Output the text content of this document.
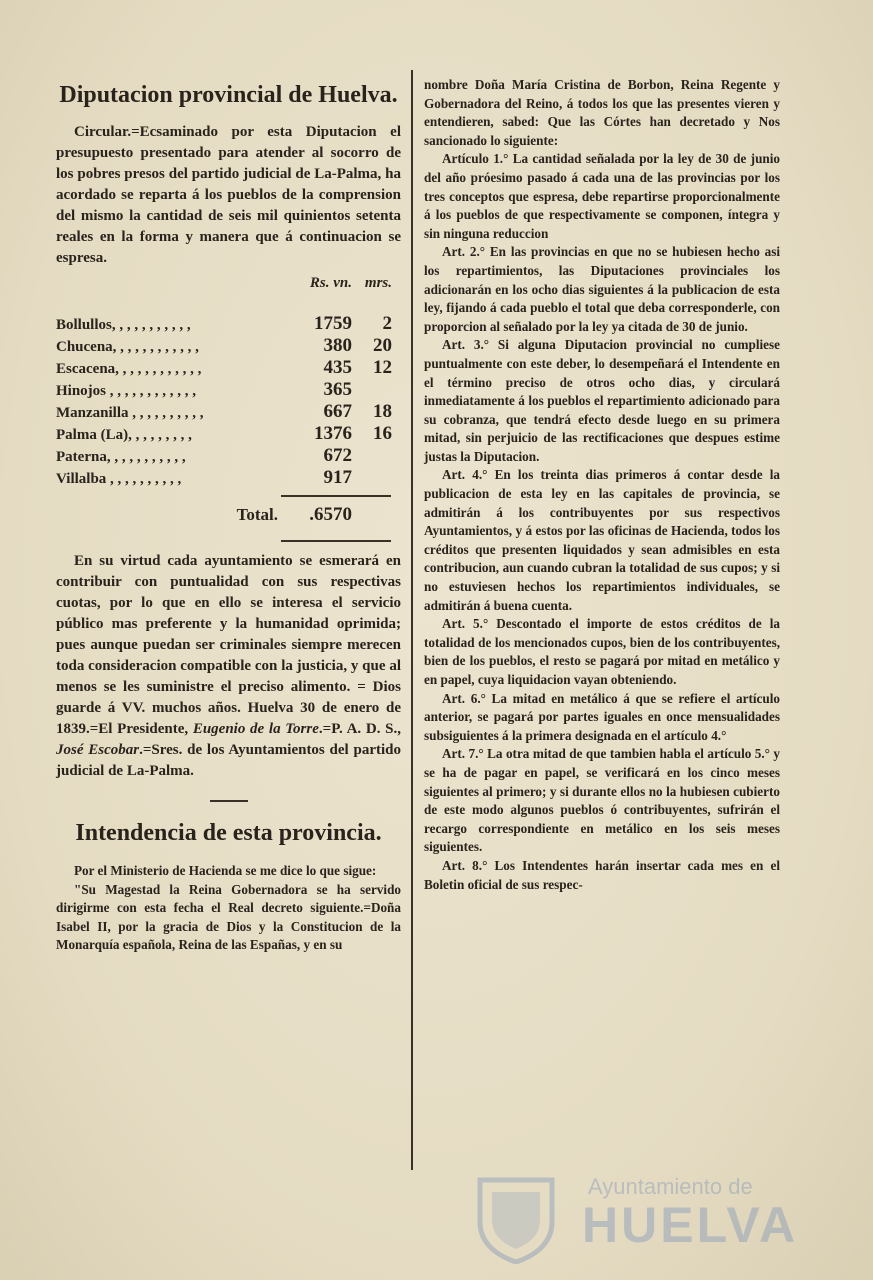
Diputacion provincial de Huelva.

Circular.=Ecsaminado por esta Diputacion el presupuesto presentado para atender al socorro de los pobres presos del partido judicial de La-Palma, ha acordado se reparta á los pueblos de la comprension del mismo la cantidad de seis mil quinientos setenta reales en la forma y manera que á continuacion se espresa.

Rs. vn. mrs.
Bollullos, , , , , , , , , , ,	1759	2
Chucena, , , , , , , , , , , ,	380	20
Escacena, , , , , , , , , , , ,	435	12
Hinojos , , , , , , , , , , , ,	365
Manzanilla , , , , , , , , , ,	667	18
Palma (La), , , , , , , , ,	1376	16
Paterna, , , , , , , , , , ,	672
Villalba , , , , , , , , , ,	917
Total.	.6570

En su virtud cada ayuntamiento se esmerará en contribuir con puntualidad con sus respectivas cuotas, por lo que en ello se interesa el servicio público mas preferente y la humanidad oprimida; pues aunque puedan ser criminales siempre merecen toda consideracion compatible con la justicia, y que al menos se les suministre el preciso alimento. = Dios guarde á VV. muchos años. Huelva 30 de enero de 1839.=El Presidente, Eugenio de la Torre.=P. A. D. S., José Escobar.=Sres. de los Ayuntamientos del partido judicial de La-Palma.

Intendencia de esta provincia.

Por el Ministerio de Hacienda se me dice lo que sigue:

"Su Magestad la Reina Gobernadora se ha servido dirigirme con esta fecha el Real decreto siguiente.=Doña Isabel II, por la gracia de Dios y la Constitucion de la Monarquía española, Reina de las Españas, y en su

nombre Doña María Cristina de Borbon, Reina Regente y Gobernadora del Reino, á todos los que las presentes vieren y entendieren, sabed: Que las Córtes han decretado y Nos sancionado lo siguiente:

Artículo 1.° La cantidad señalada por la ley de 30 de junio del año próesimo pasado á cada una de las provincias por los tres conceptos que espresa, debe repartirse proporcionalmente á los pueblos de que respectivamente se componen, íntegra y sin ninguna reduccion

Art. 2.° En las provincias en que no se hubiesen hecho asi los repartimientos, las Diputaciones provinciales los adicionarán en los ocho dias siguientes á la publicacion de esta ley, fijando á cada pueblo el total que deba corresponderle, con proporcion al señalado por la ley ya citada de 30 de junio.

Art. 3.° Si alguna Diputacion provincial no cumpliese puntualmente con este deber, lo desempeñará el Intendente en el término preciso de otros ocho dias, y circulará inmediatamente á los pueblos el repartimiento adicionado para su cobranza, que tendrá efecto desde luego en su primera mitad, sin perjuicio de las rectificaciones que despues estime justas la Diputacion.

Art. 4.° En los treinta dias primeros á contar desde la publicacion de esta ley en las capitales de provincia, se admitirán á los contribuyentes por sus respectivos Ayuntamientos, y á estos por las oficinas de Hacienda, todos los créditos que presenten liquidados y sean admisibles en esta contribucion, aun cuando cubran la totalidad de sus cupos; y si no estuviesen hechos los repartimientos individuales, se admitirán á buena cuenta.

Art. 5.° Descontado el importe de estos créditos de la totalidad de los mencionados cupos, bien de los contribuyentes, bien de los pueblos, el resto se pagará por mitad en metálico y en papel, cuya liquidacion vayan obteniendo.

Art. 6.° La mitad en metálico á que se refiere el artículo anterior, se pagará por partes iguales en once mensualidades subsiguientes á la primera designada en el artículo 4.°

Art. 7.° La otra mitad de que tambien habla el artículo 5.° y se ha de pagar en papel, se verificará en los cinco meses siguientes al primero; y si durante ellos no la hubiesen cubierto de este modo algunos pueblos ó contribuyentes, sufrirán el recargo correspondiente en metálico en los seis meses siguientes.

Art. 8.° Los Intendentes harán insertar cada mes en el Boletin oficial de sus respec-

Ayuntamiento de
HUELVA
